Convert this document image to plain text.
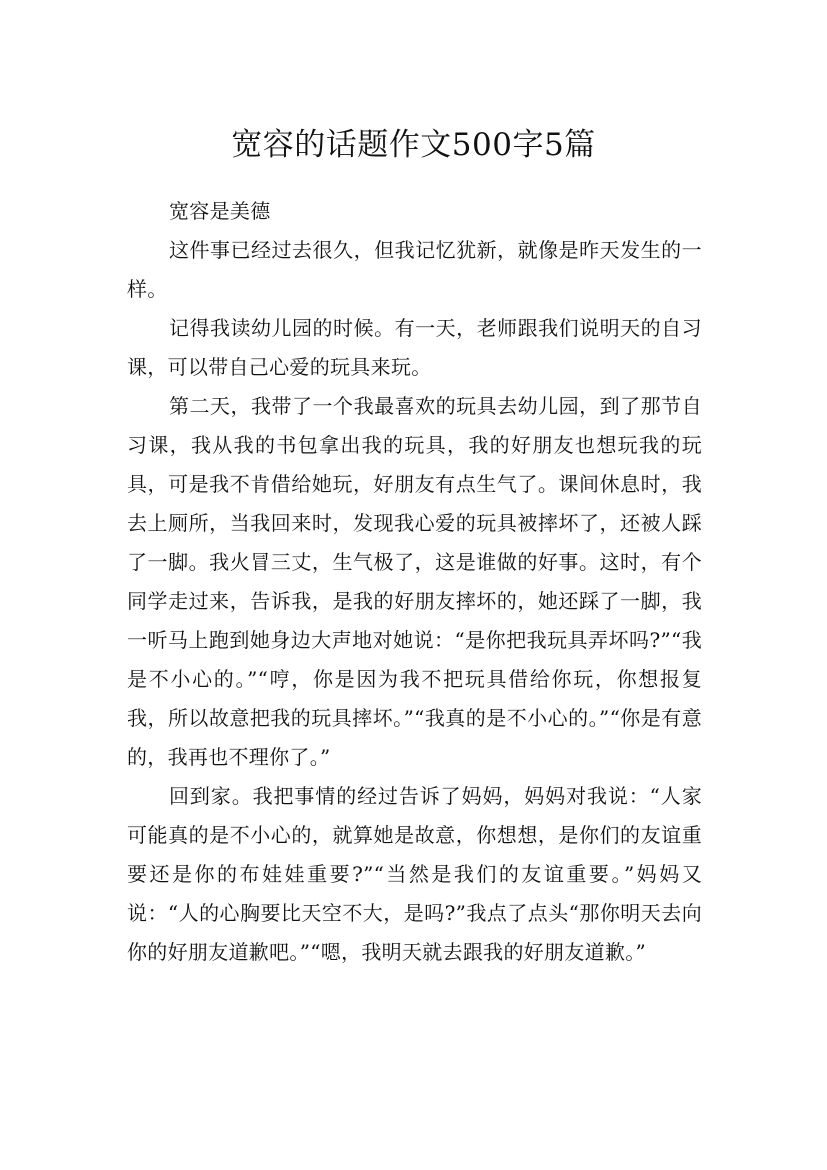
宽容的话题作文500字5篇

宽容是美德

这件事已经过去很久，但我记忆犹新，就像是昨天发生的一样。

记得我读幼儿园的时候。有一天，老师跟我们说明天的自习课，可以带自己心爱的玩具来玩。

第二天，我带了一个我最喜欢的玩具去幼儿园，到了那节自习课，我从我的书包拿出我的玩具，我的好朋友也想玩我的玩具，可是我不肯借给她玩，好朋友有点生气了。课间休息时，我去上厕所，当我回来时，发现我心爱的玩具被摔坏了，还被人踩了一脚。我火冒三丈，生气极了，这是谁做的好事。这时，有个同学走过来，告诉我，是我的好朋友摔坏的，她还踩了一脚，我一听马上跑到她身边大声地对她说：“是你把我玩具弄坏吗?”“我是不小心的。”“哼，你是因为我不把玩具借给你玩，你想报复我，所以故意把我的玩具摔坏。”“我真的是不小心的。”“你是有意的，我再也不理你了。”

回到家。我把事情的经过告诉了妈妈，妈妈对我说：“人家可能真的是不小心的，就算她是故意，你想想，是你们的友谊重要还是你的布娃娃重要?”“当然是我们的友谊重要。”妈妈又说：“人的心胸要比天空不大，是吗?”我点了点头“那你明天去向你的好朋友道歉吧。”“嗯，我明天就去跟我的好朋友道歉。”
